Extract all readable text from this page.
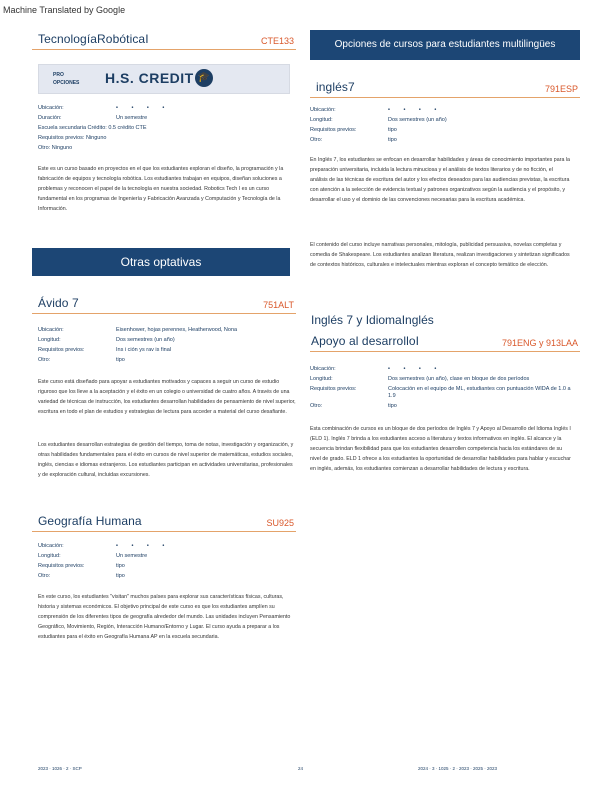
Machine Translated by Google
TecnologíaRobóticaI	CTE133
PRO
OPCIONES H.S. CREDIT 🎓
Ubicación:	• • • •
Duración:	Un semestre
Escuela secundaria Crédito: 0.5 crédito CTE
Requisitos previos: Ninguno
Otro: Ninguno
Este es un curso basado en proyectos en el que los estudiantes exploran el diseño, la programación y la fabricación de equipos y tecnología robótica. Los estudiantes trabajan en equipos, diseñan soluciones a problemas y reconocen el papel de la tecnología en nuestra sociedad. Robotics Tech I es un curso fundamental en los programas de Ingeniería y Fabricación Avanzada y Computación y Tecnología de la Información.
Otras optativas
Ávido 7	751ALT
Ubicación:	Eisenhower, hojas perennes, Heatherwood, Nona
Longitud:	Dos semestres (un año)
Requisitos previos:	Ins i ción ys rav is final
Otro:	tipo
Este curso está diseñado para apoyar a estudiantes motivados y capaces a seguir un curso de estudio riguroso que los lleve a la aceptación y el éxito en un colegio o universidad de cuatro años. A través de una variedad de técnicas de instrucción, los estudiantes desarrollan habilidades de pensamiento de nivel superior, escritura en todo el plan de estudios y estrategias de lectura para acceder a material del curso desafiante.
Los estudiantes desarrollan estrategias de gestión del tiempo, toma de notas, investigación y organización, y otras habilidades fundamentales para el éxito en cursos de nivel superior de matemáticas, estudios sociales, inglés, ciencias e idiomas extranjeros. Los estudiantes participan en actividades universitarias, profesionales y de exploración cultural, incluidas excursiones.
Geografía Humana	SU925
Ubicación:	• • • •
Longitud:	Un semestre
Requisitos previos:	tipo
Otro:	tipo
En este curso, los estudiantes "visitan" muchos países para explorar sus características físicas, culturas, historia y sistemas económicos. El objetivo principal de este curso es que los estudiantes amplíen su comprensión de los diferentes tipos de geografía alrededor del mundo. Las unidades incluyen Pensamiento Geográfico, Movimiento, Región, Interacción Humano/Entorno y Lugar. El curso ayuda a preparar a los estudiantes para el éxito en Geografía Humana AP en la escuela secundaria.
Opciones de cursos para estudiantes multilingües
inglés7	791ESP
Ubicación:	• • • •
Longitud:	Dos semestres (un año)
Requisitos previos:	tipo
Otro:	tipo
En Inglés 7, los estudiantes se enfocan en desarrollar habilidades y áreas de conocimiento importantes para la preparación universitaria, incluida la lectura minuciosa y el análisis de textos literarios y de no ficción, el análisis de las técnicas de escritura del autor y los efectos deseados para las audiencias previstas, la escritura con atención a la selección de evidencia textual y patrones organizativos según la audiencia y el propósito, y desarrollar el uso y el dominio de las convenciones necesarias para la escritura académica.
El contenido del curso incluye narrativas personales, mitología, publicidad persuasiva, novelas completas y comedia de Shakespeare. Los estudiantes analizan literatura, realizan investigaciones y sintetizan significados de contextos históricos, culturales e intelectuales mientras exploran el concepto temático de elección.
Inglés 7 y IdiomaInglés
Apoyo al desarrolloI	791ENG y 913LAA
Ubicación:	• • • •
Longitud:	Dos semestres (un año), clase en bloque de dos períodos
Requisitos previos:	Colocación en el equipo de ML, estudiantes con puntuación WIDA de 1.0 a 1.9
Otro:	tipo
Esta combinación de cursos es un bloque de dos períodos de Inglés 7 y Apoyo al Desarrollo del Idioma Inglés I (ELD 1). Inglés 7 brinda a los estudiantes acceso a literatura y textos informativos en inglés. El alcance y la secuencia brindan flexibilidad para que los estudiantes desarrollen competencia hacia los estándares de su nivel de grado. ELD 1 ofrece a los estudiantes la oportunidad de desarrollar habilidades para hablar y escuchar en inglés, además, los estudiantes comienzan a desarrollar habilidades de lectura y escritura.
2023 · 1026 · 2 · SCP	24	2024 · 3 · 1025 · 2 · 2023 · 2025 · 2023
